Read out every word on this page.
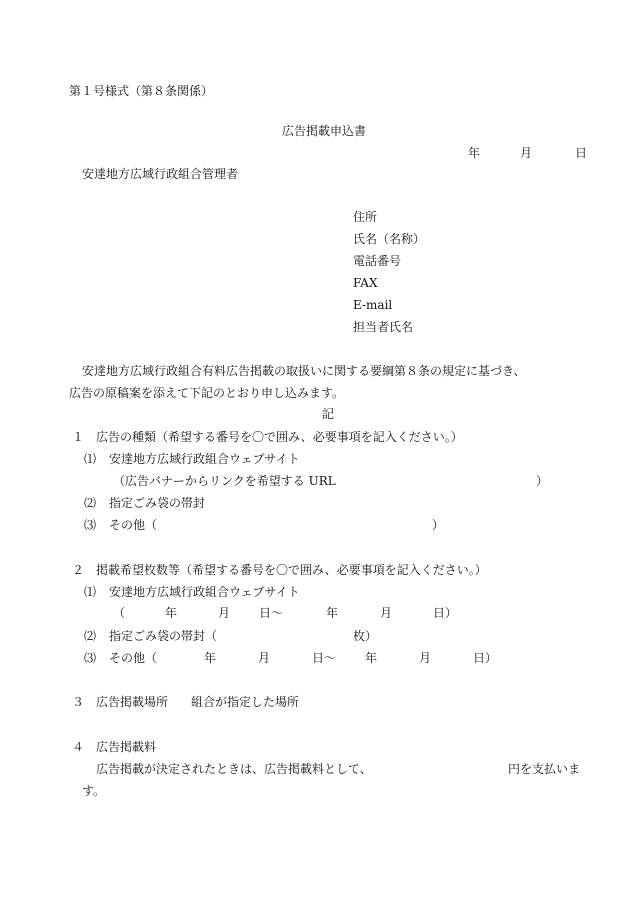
第１号様式（第８条関係）
広告掲載申込書
年	月	日
安達地方広域行政組合管理者
住所
氏名（名称）
電話番号
FAX
E-mail
担当者氏名
安達地方広域行政組合有料広告掲載の取扱いに関する要綱第８条の規定に基づき、
広告の原稿案を添えて下記のとおり申し込みます。
記
１ 広告の種類（希望する番号を〇で囲み、必要事項を記入ください。）
⑴ 安達地方広域行政組合ウェブサイト
（広告バナーからリンクを希望する URL	）
⑵ 指定ごみ袋の帯封
⑶ その他（	）
２ 掲載希望枚数等（希望する番号を〇で囲み、必要事項を記入ください。）
⑴ 安達地方広域行政組合ウェブサイト
（	年	月 日～	年	月	日）
⑵ 指定ごみ袋の帯封（	枚）
⑶ その他（	年	月	日～ 年	月	日）
３ 広告掲載場所 組合が指定した場所
４ 広告掲載料
広告掲載が決定されたときは、広告掲載料として、	円を支払いま
す。
